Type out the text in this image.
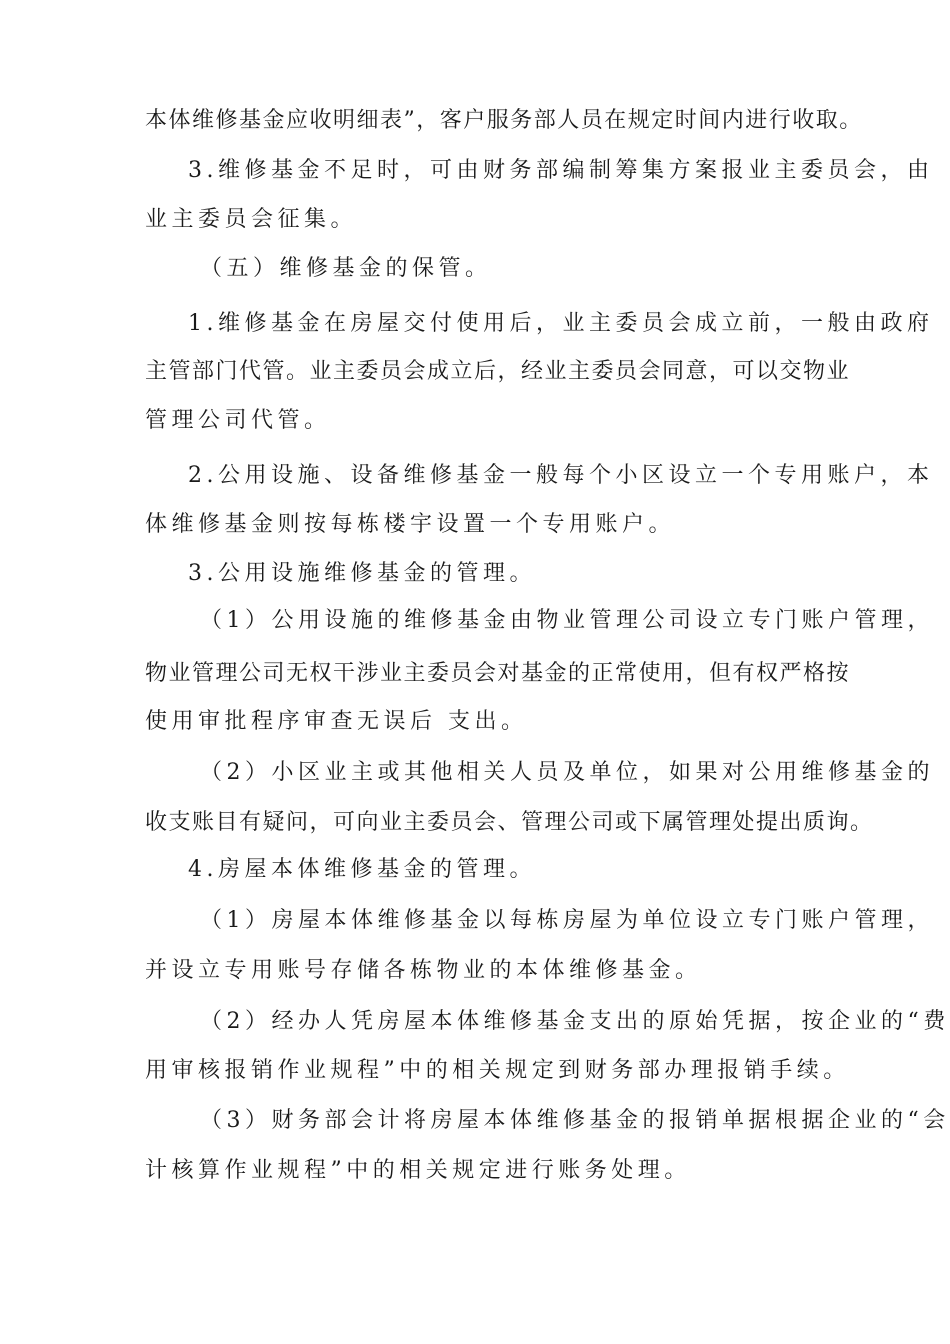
本体维修基金应收明细表”，客户服务部人员在规定时间内进行收取。
3.维修基金不足时，可由财务部编制筹集方案报业主委员会，由
业主委员会征集。
（五）维修基金的保管。
1.维修基金在房屋交付使用后，业主委员会成立前，一般由政府
主管部门代管。业主委员会成立后，经业主委员会同意，可以交物业
管理公司代管。
2.公用设施、设备维修基金一般每个小区设立一个专用账户，本
体维修基金则按每栋楼宇设置一个专用账户。
3.公用设施维修基金的管理。
（1）公用设施的维修基金由物业管理公司设立专门账户管理，
物业管理公司无权干涉业主委员会对基金的正常使用，但有权严格按
使用审批程序审查无误后 支出。
（2）小区业主或其他相关人员及单位，如果对公用维修基金的
收支账目有疑问，可向业主委员会、管理公司或下属管理处提出质询。
4.房屋本体维修基金的管理。
（1）房屋本体维修基金以每栋房屋为单位设立专门账户管理，
并设立专用账号存储各栋物业的本体维修基金。
（2）经办人凭房屋本体维修基金支出的原始凭据，按企业的“费
用审核报销作业规程”中的相关规定到财务部办理报销手续。
（3）财务部会计将房屋本体维修基金的报销单据根据企业的“会
计核算作业规程”中的相关规定进行账务处理。
